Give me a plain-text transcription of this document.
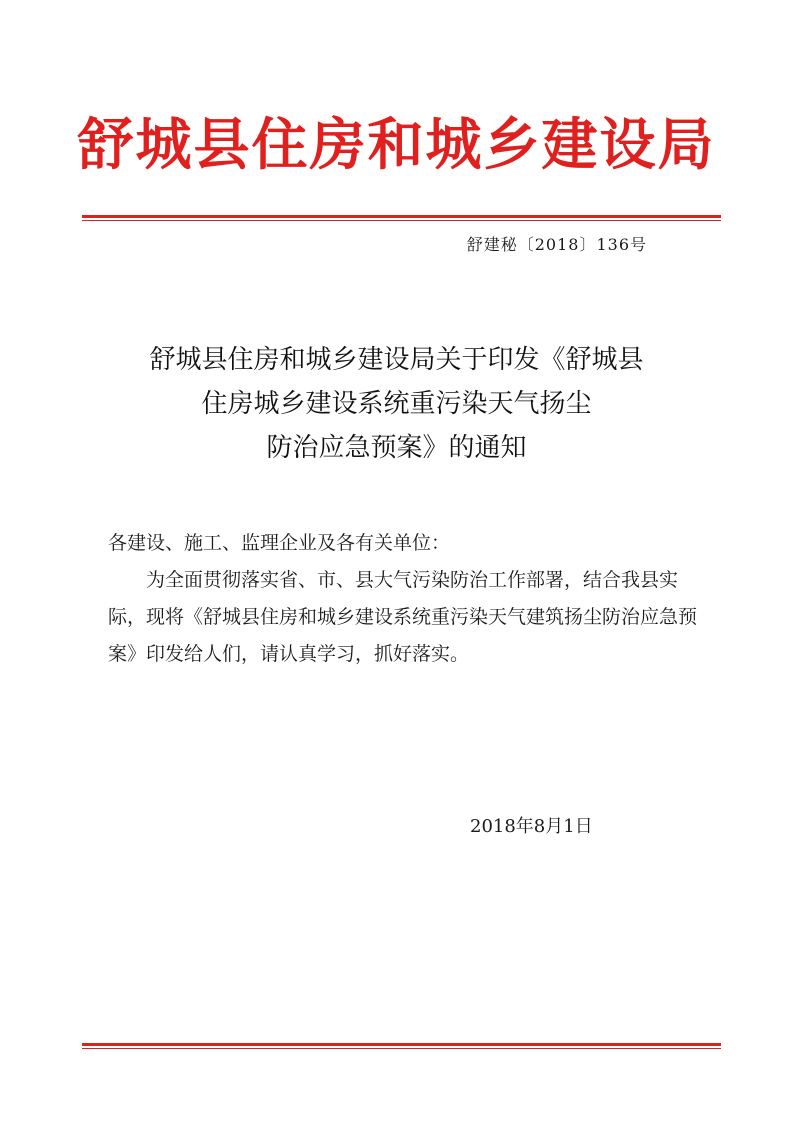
舒城县住房和城乡建设局
舒建秘〔2018〕136号
舒城县住房和城乡建设局关于印发《舒城县
住房城乡建设系统重污染天气扬尘
防治应急预案》的通知

各建设、施工、监理企业及各有关单位：

为全面贯彻落实省、市、县大气污染防治工作部署，结合我县实际，现将《舒城县住房和城乡建设系统重污染天气建筑扬尘防治应急预案》印发给人们，请认真学习，抓好落实。

2018年8月1日
